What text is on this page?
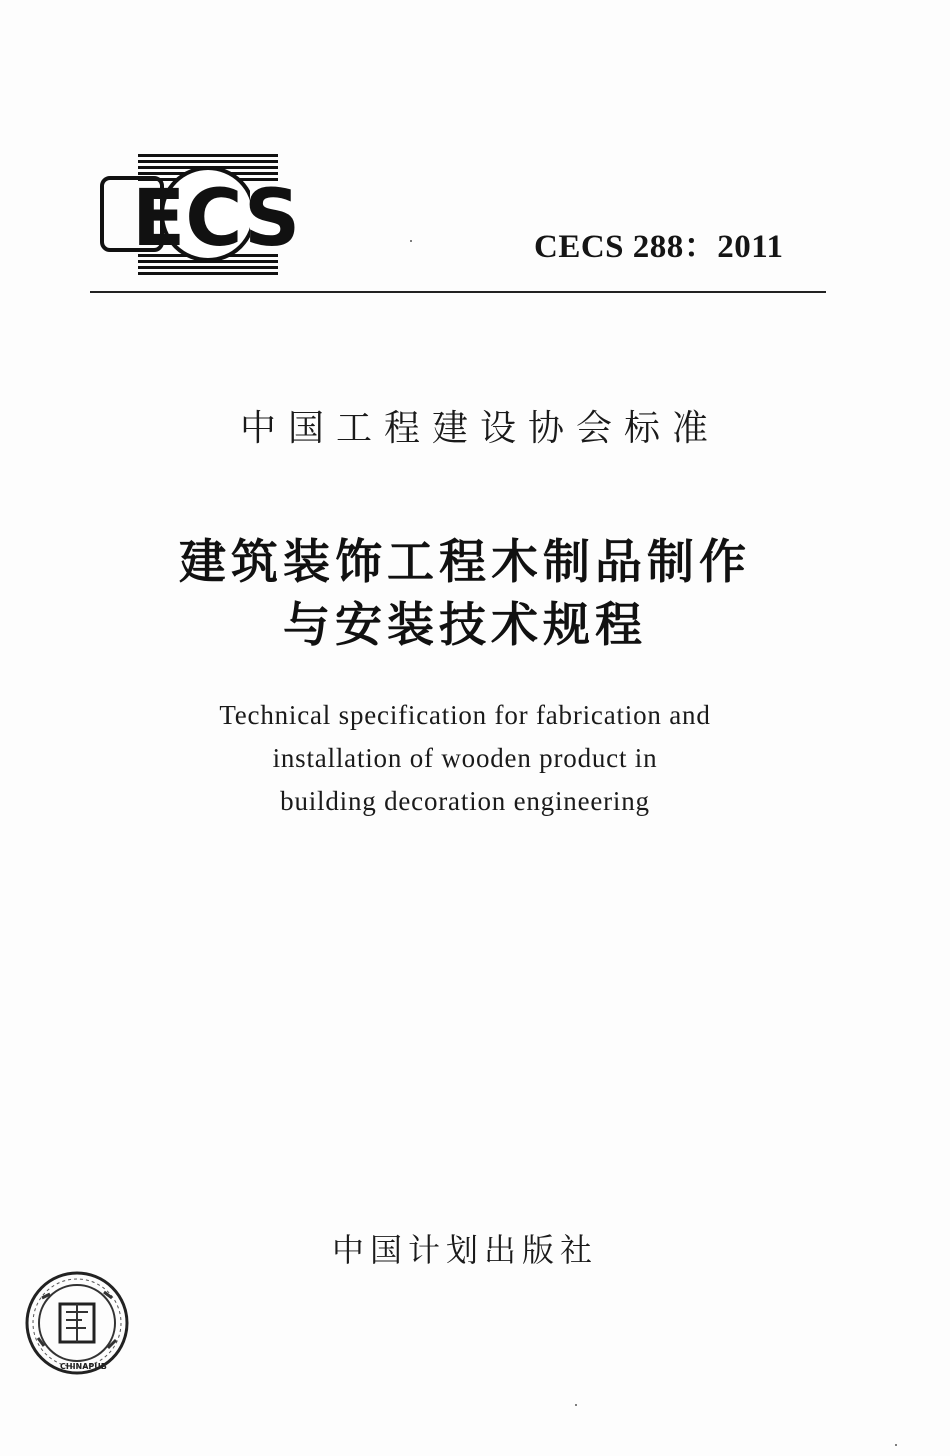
ECS	CECS 288：2011
中国工程建设协会标准
建筑装饰工程木制品制作
与安装技术规程
Technical specification for fabrication and
installation of wooden product in
building decoration engineering
中国计划出版社
CHINAPUB
